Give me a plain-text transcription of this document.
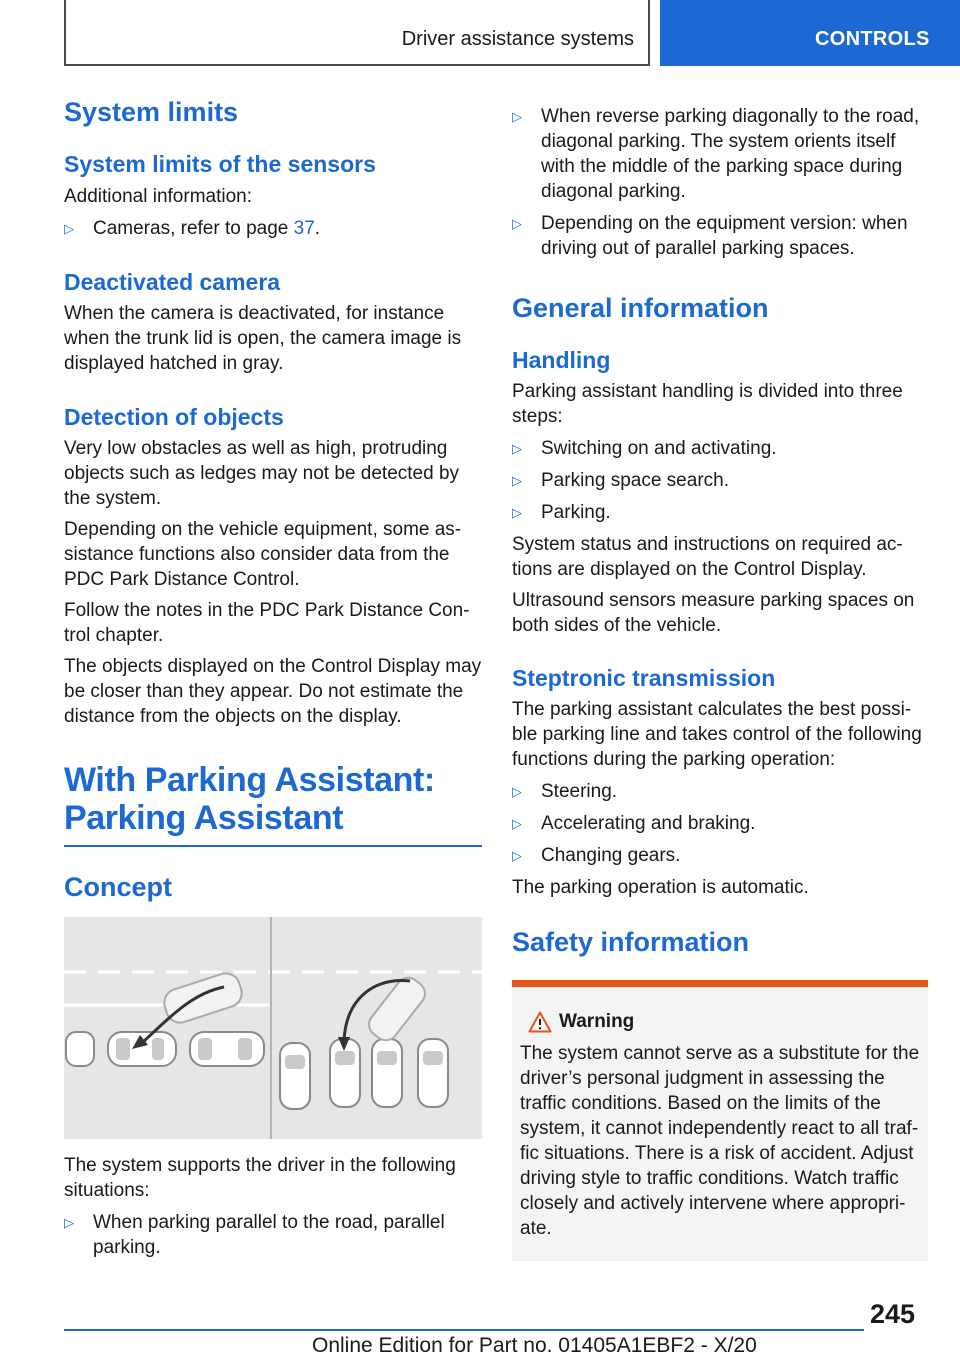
Driver assistance systems	CONTROLS
System limits
System limits of the sensors

Additional information:

▷ Cameras, refer to page 37.
Deactivated camera

When the camera is deactivated, for instance when the trunk lid is open, the camera image is displayed hatched in gray.

Detection of objects

Very low obstacles as well as high, protruding objects such as ledges may not be detected by the system.

Depending on the vehicle equipment, some as-sistance functions also consider data from the PDC Park Distance Control.

Follow the notes in the PDC Park Distance Con-trol chapter.

The objects displayed on the Control Display may be closer than they appear. Do not estimate the distance from the objects on the display.

With Parking Assistant:
Parking Assistant
Concept

The system supports the driver in the following situations:

▷ When parking parallel to the road, parallel parking.
▷ When reverse parking diagonally to the road, diagonal parking. The system orients itself with the middle of the parking space during diagonal parking.
▷ Depending on the equipment version: when driving out of parallel parking spaces.
General information
Handling

Parking assistant handling is divided into three steps:

▷ Switching on and activating.
▷ Parking space search.
▷ Parking.

System status and instructions on required ac-tions are displayed on the Control Display.

Ultrasound sensors measure parking spaces on both sides of the vehicle.

Steptronic transmission

The parking assistant calculates the best possi-ble parking line and takes control of the following functions during the parking operation:

▷ Steering.
▷ Accelerating and braking.
▷ Changing gears.

The parking operation is automatic.

Safety information
Warning

The system cannot serve as a substitute for the driver’s personal judgment in assessing the traffic conditions. Based on the limits of the system, it cannot independently react to all traf-fic situations. There is a risk of accident. Adjust driving style to traffic conditions. Watch traffic closely and actively intervene where appropri-ate.

245
Online Edition for Part no. 01405A1EBF2 - X/20
